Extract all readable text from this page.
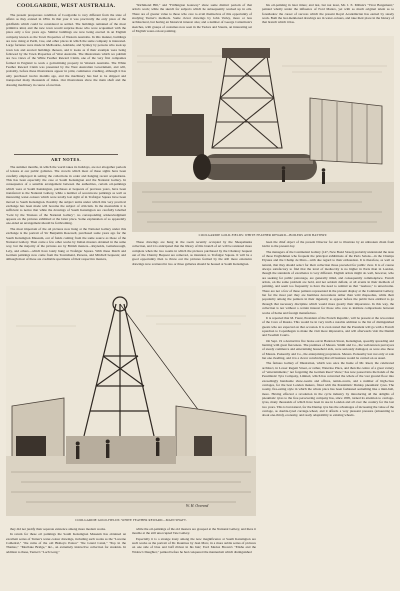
COOLGARDIE, WEST AUSTRALIA.

The present prosperous condition of Coolgardie is very different from the state of affairs as they existed in 1894. In that year it was practically the only place of the goldfields which could be considered as settled. The buildings remained of the most primitive kind, and the new town would surprise those who were acquainted with the place only a few years ago. Similar buildings are now being erected in an English company known as the Town Properties of Western Australia. In this manner, buildings are now rising at Perth, Cue, and other places in which the same company is interested. Large fortunes were made in Melbourne, Adelaide, and Sydney by persons who took up town lots and erected buildings thereon, and it looks as if their example were being followed by the Town Properties of West Australia. The illustrations which we publish are two views of the White Feather Reward Claim, one of the very first companies formed in England to work a gold-mining property in Western Australia. The White Feather Reward Claim was presented by the West Australian Government, and will, probably, before these illustrations appear in print, commence crushing, although it has only purchased twelve months ago, and the machinery has had to be shipped and transported many thousands of miles. Our illustrations show the main shaft and the dressing machinery in course of erection.

ART NOTES.

The summer months, in which the world takes its holidays, are not altogether periods of leisure at our public galleries. The crowds which most of these sights have been carefully employed in setting the collections in order and hanging recent acquisitions. This has been especially the case at South Kensington and the National Gallery. In consequence of a sensible arrangement between the authorities, certain oil-paintings which were at South Kensington, purchases at bequests of previous years, have been transferred to the National Gallery, while a number of second-rate paintings as well as interesting water-colours which were totally lost sight of in Trafalgar Square have been moved to South Kensington. Possibly the subject terms under which this very practical exchange has been made will become the subject of criticism. In the meanwhile it is sufficient to notice that while the drawings of South Kensington are carefully labelled "Lent by the Trustees of the National Gallery", no corresponding acknowledgment appears on the pictures exhibited at the latter place. Some explanation of so apparently one-sided an arrangement should be forthcoming.

The most important of the oil pictures now hung at the National Gallery under this exchange is the portrait of Sir Benjamin Rosewell, purchased some years ago for the South Kensington Museum, out of funds coming from the same source as those of the National Gallery. Then come a few other works by Italian masters obtained in the same way, but the majority of the pictures are by British masters—Reynolds, Gainsborough, Lely, and others—which have lately hung at Trafalgar Square. With these Dutch and German paintings now come from the Townshend, Parsons, and Mitchell bequests; and although most of these are creditable specimens of their respective masters,

"Richmond Hill," and "Frithington Gateway" show some distinct periods of that artist's work; while the sketch for subjects which he subsequently worked up in oils. There are of greater value to those who care to avail themselves of this opportunity of studying Turner's methods. Some clever drawings by John Varley, more or less architectural, but having an historical interest also; and a number of George Cattermole's sketches, with groups of costumes now seen in the Tudors and Stuarts, an interesting set of English water-colour painting.

his oil-painting in later times; and last, but not least, Mr. J. E. Millais's "Vicar Bargement," painted wholly under the influence of Ford Madox, yet with so much original talent as to foreshadow the career of success which the present Royal Academician has earned by steady work. Both the last-mentioned drawings are in water-colours, and take their place in the history of that branch which it has.

COOLGARDIE GOLD-FIELDS: WHITE FEATHER REWARD—BOILERS AND BATTERY.

These drawings are hung in the room recently occupied by the Sheepshanks collection, and it is anticipated that the library of this branch of art will be rendered more complete when the two rooms in which the pictures purchased by the Chantrey bequest out of the Chantry Bequest are removed, as intended, to Trafalgar Square. It will be a good opportunity then to throw out the pictures formed by the still more extensive drawings now scattered in two or three galleries should be housed at South Kensington.

been the chief object of the present Director for Art to illustrate by an unbroken chain from Girtin to the present day.

The managers of the Continental Gallery (147, New Bond Street) probably understand the taste of those Englishmen who frequent the principal exhibitions of the Paris Salons—in the Champs Elysées and the Champ de Mars—with due regard to their exhaustion. It is therefore, as well as natural, that they should select for their collection those preceded for public view. It is of course always satisfactory to find that the level of mediocrity is no higher in Paris than in London, though the standards of excellence is very different. English artists might do well, however, who are seeking for public patronage, are generally timid, and consequently commonplace. French artists, on the same problem are bold, and not seldom defiant, at all events in their methods of painting, and seem too frequently to have the need to remind us that "Audace," is unwelcome. There are not a few of these painters represented in the present display at the Continental Gallery, but for the most part they are harmless decorations rather than wild rhapsodies, while their popularity among the painters in their ingenuity to appear before the public here entitled to go through that necessary discipline which would more greatly their importance. In this way, the collection is not without a certain interest for those who care to institute comparisons between works of home and foreign manufacture.

It is reported that M. Fauré, President of the French Republic, will be present at the revocation of the Cave of Russia. This would be in very truth a notable addition to the list of distinguished guests who are expected on that occasion. It is even stated that the President will go with a French squadron to Copenhagen to make the visit more impressive, and will afterwards visit the Danish and Swedish Courts.

On Sept. 19 a destructive fire broke out in Baderon Street, Kensington, speedily spreading and burning with great fierceness. The premises of Messrs. Smith and Co., the well-known purveyors of steady commerce and entertaining household aids, were seriously damaged, as were also those of Messrs. Ponsonby and Co., the enterprising proprietors. Messrs. Ponsonby lost not only at sale but one dwelling, and it is a clever convincing that all business would be carried on as usual.

The famous Gallery of Illustration, which was once the home of Mr. Reed, the celebrated architect, in Lower Regent Street, or rather, Waterloo Place, and then the centre of a great variety of "entertainments," not forgetting the German Reed "show," has now passed into the hands of the Pessimistic Tyre Company, Limited, which has converted the whole of the vast ground floor into exceedingly handsome show-rooms and offices, tennis-courts, and a number of high-class carriages, for the best London makers, fitted with the Pessimistic Dunlop pneumatic tyres. The roomy, fire-eating style in which the whole place has been fashioned something like a mini-hall, more. Having effected a revolution in the cycle industry by introducing all the delights of pneumatic tyres to the free persevering company has, since 1895, turned its attention to carriage-tyres, many thousands of which have been in use in London and all over the country for the last two years. This is but natural, for the Dunlop tyre has the advantages of increasing the value of the carriage, as double-tyred carriage-wheel, and it affords a very pleasant pressure (amounting to about one-third), economy, and ready adaptability to existing wheels.

W. H. Overend
COOLGARDIE GOLD-FIELDS: WHITE FEATHER REWARD—MAIN SHAFT.

they did not justify their separate existence among more modern works.

In return for these oil paintings the South Kensington Museum has obtained an excellent series of Turner's water-colour drawings, including such works as the "Lucerne Cathedral," "the ruins of the old Bishop's Palace" "the Grand Canal," "Pop in the Thames," "Mortlake Bridge," &c., an extremely instructive collection for students. In addition to these, Turner's "Loch Long,"

while the oil-paintings of the old masters are grouped at the National Gallery, and there it mostlie at the still unoccupied Tate Gallery.

Especially it is a strange irony among the now magnificence at South Kensington are such works as the portrait of Dr. Rountree by Jean Marc, in a more subtle series of pictures on one side of blue and buff ribbon in his hair; Ford Madox Brown's "Elisha and the Widow's Daughter," painted before he had conquered the mannerism which distinguished
